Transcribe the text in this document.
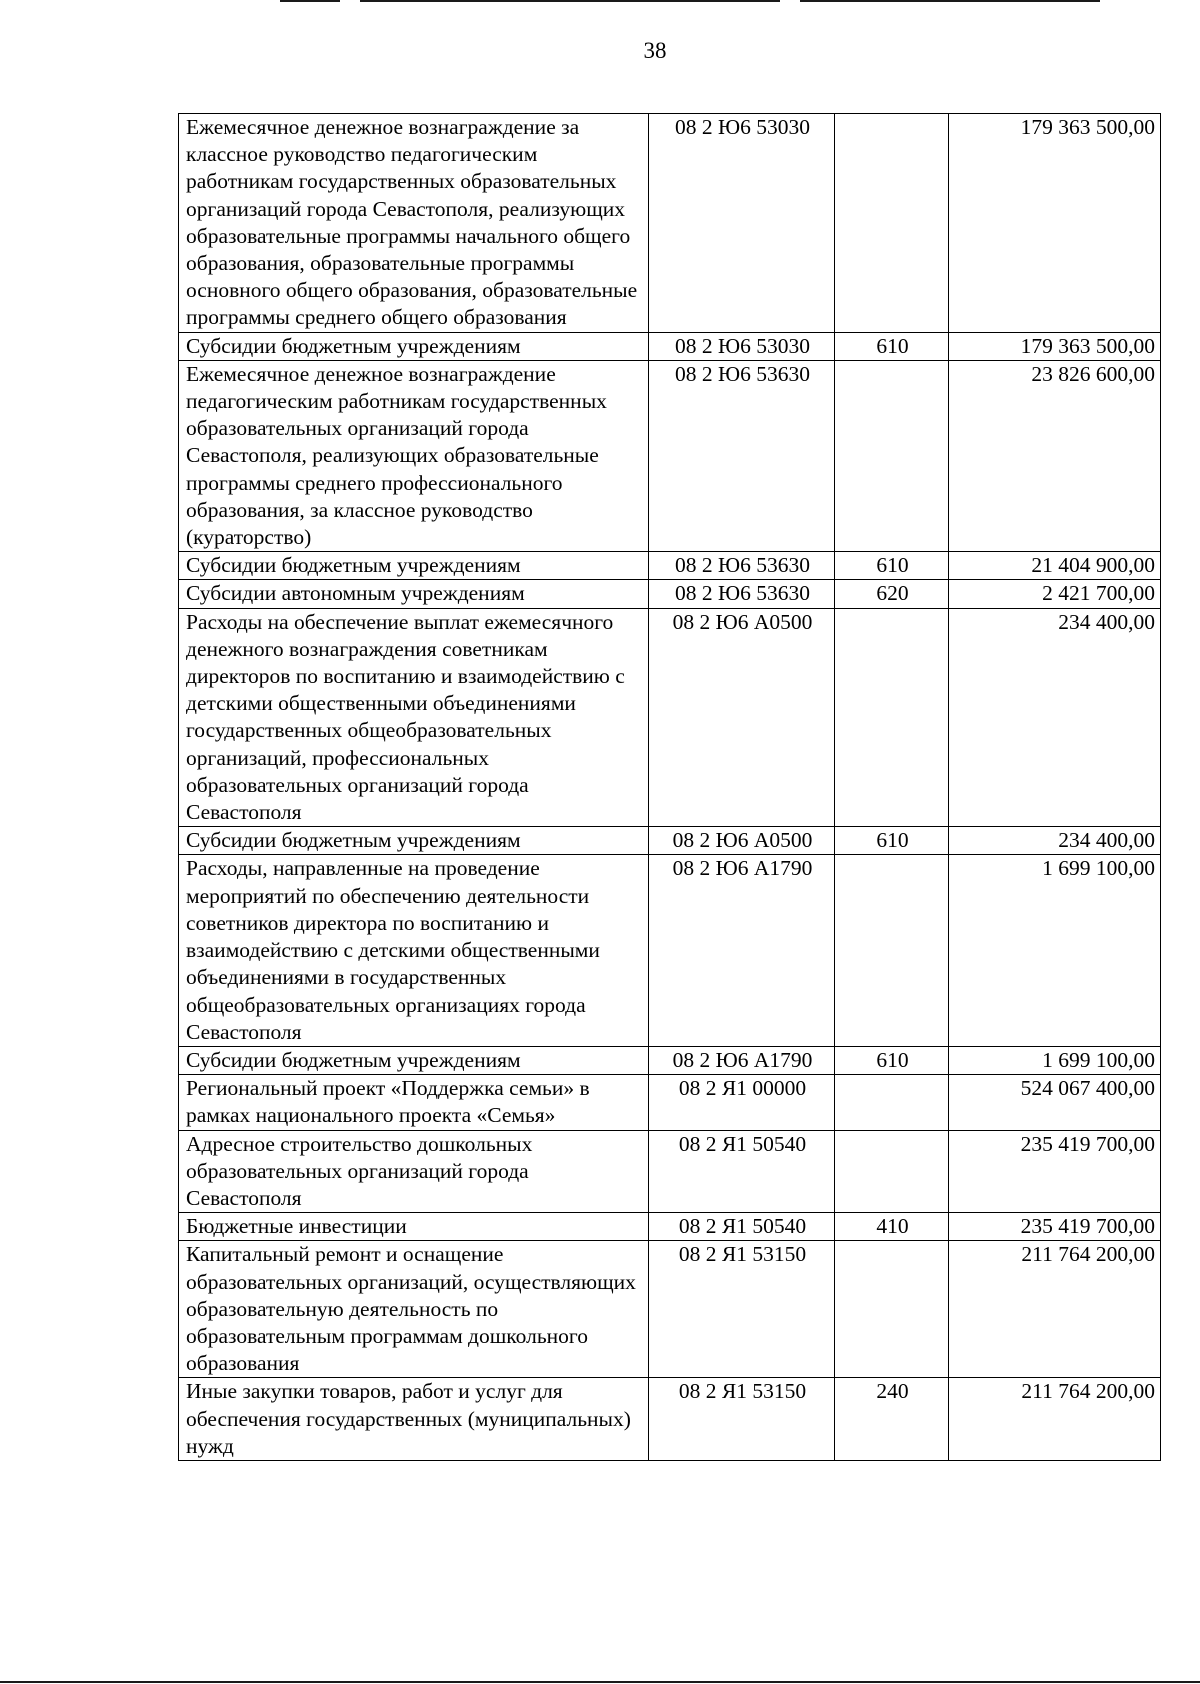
38
Ежемесячное денежное вознаграждение за классное руководство педагогическим работникам государственных образовательных организаций города Севастополя, реализующих образовательные программы начального общего образования, образовательные программы основного общего образования, образовательные программы среднего общего образования	08 2 Ю6 53030		179 363 500,00
Субсидии бюджетным учреждениям	08 2 Ю6 53030	610	179 363 500,00
Ежемесячное денежное вознаграждение педагогическим работникам государственных образовательных организаций города Севастополя, реализующих образовательные программы среднего профессионального образования, за классное руководство (кураторство)	08 2 Ю6 53630		23 826 600,00
Субсидии бюджетным учреждениям	08 2 Ю6 53630	610	21 404 900,00
Субсидии автономным учреждениям	08 2 Ю6 53630	620	2 421 700,00
Расходы на обеспечение выплат ежемесячного денежного вознаграждения советникам директоров по воспитанию и взаимодействию с детскими общественными объединениями государственных общеобразовательных организаций, профессиональных образовательных организаций города Севастополя	08 2 Ю6 А0500		234 400,00
Субсидии бюджетным учреждениям	08 2 Ю6 А0500	610	234 400,00
Расходы, направленные на проведение мероприятий по обеспечению деятельности советников директора по воспитанию и взаимодействию с детскими общественными объединениями в государственных общеобразовательных организациях города Севастополя	08 2 Ю6 А1790		1 699 100,00
Субсидии бюджетным учреждениям	08 2 Ю6 А1790	610	1 699 100,00
Региональный проект «Поддержка семьи» в рамках национального проекта «Семья»	08 2 Я1 00000		524 067 400,00
Адресное строительство дошкольных образовательных организаций города Севастополя	08 2 Я1 50540		235 419 700,00
Бюджетные инвестиции	08 2 Я1 50540	410	235 419 700,00
Капитальный ремонт и оснащение образовательных организаций, осуществляющих образовательную деятельность по образовательным программам дошкольного образования	08 2 Я1 53150		211 764 200,00
Иные закупки товаров, работ и услуг для обеспечения государственных (муниципальных) нужд	08 2 Я1 53150	240	211 764 200,00
